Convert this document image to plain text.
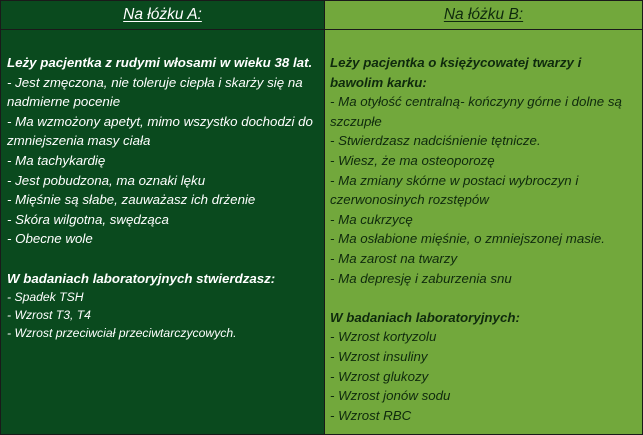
Na łóżku A:

Leży pacjentka z rudymi włosami w wieku 38 lat.

- Jest zmęczona, nie toleruje ciepła i skarży się na nadmierne pocenie

- Ma wzmożony apetyt, mimo wszystko dochodzi do zmniejszenia masy ciała

- Ma tachykardię

- Jest pobudzona, ma oznaki lęku

- Mięśnie są słabe, zauważasz ich drżenie

- Skóra wilgotna, swędząca

- Obecne wole

W badaniach laboratoryjnych stwierdzasz:

- Spadek TSH

- Wzrost T3, T4

- Wzrost przeciwciał przeciwtarczycowych.

Na łóżku B:

Leży pacjentka o księżycowatej twarzy i bawolim karku:

- Ma otyłość centralną- kończyny górne i dolne są szczupłe

- Stwierdzasz nadciśnienie tętnicze.

- Wiesz, że ma osteoporozę

- Ma zmiany skórne w postaci wybroczyn i czerwonosinych rozstępów

- Ma cukrzycę

- Ma osłabione mięśnie, o zmniejszonej masie.

- Ma zarost na twarzy

- Ma depresję i zaburzenia snu

W badaniach laboratoryjnych:

- Wzrost kortyzolu

- Wzrost insuliny

- Wzrost glukozy

- Wzrost jonów sodu

- Wzrost RBC
